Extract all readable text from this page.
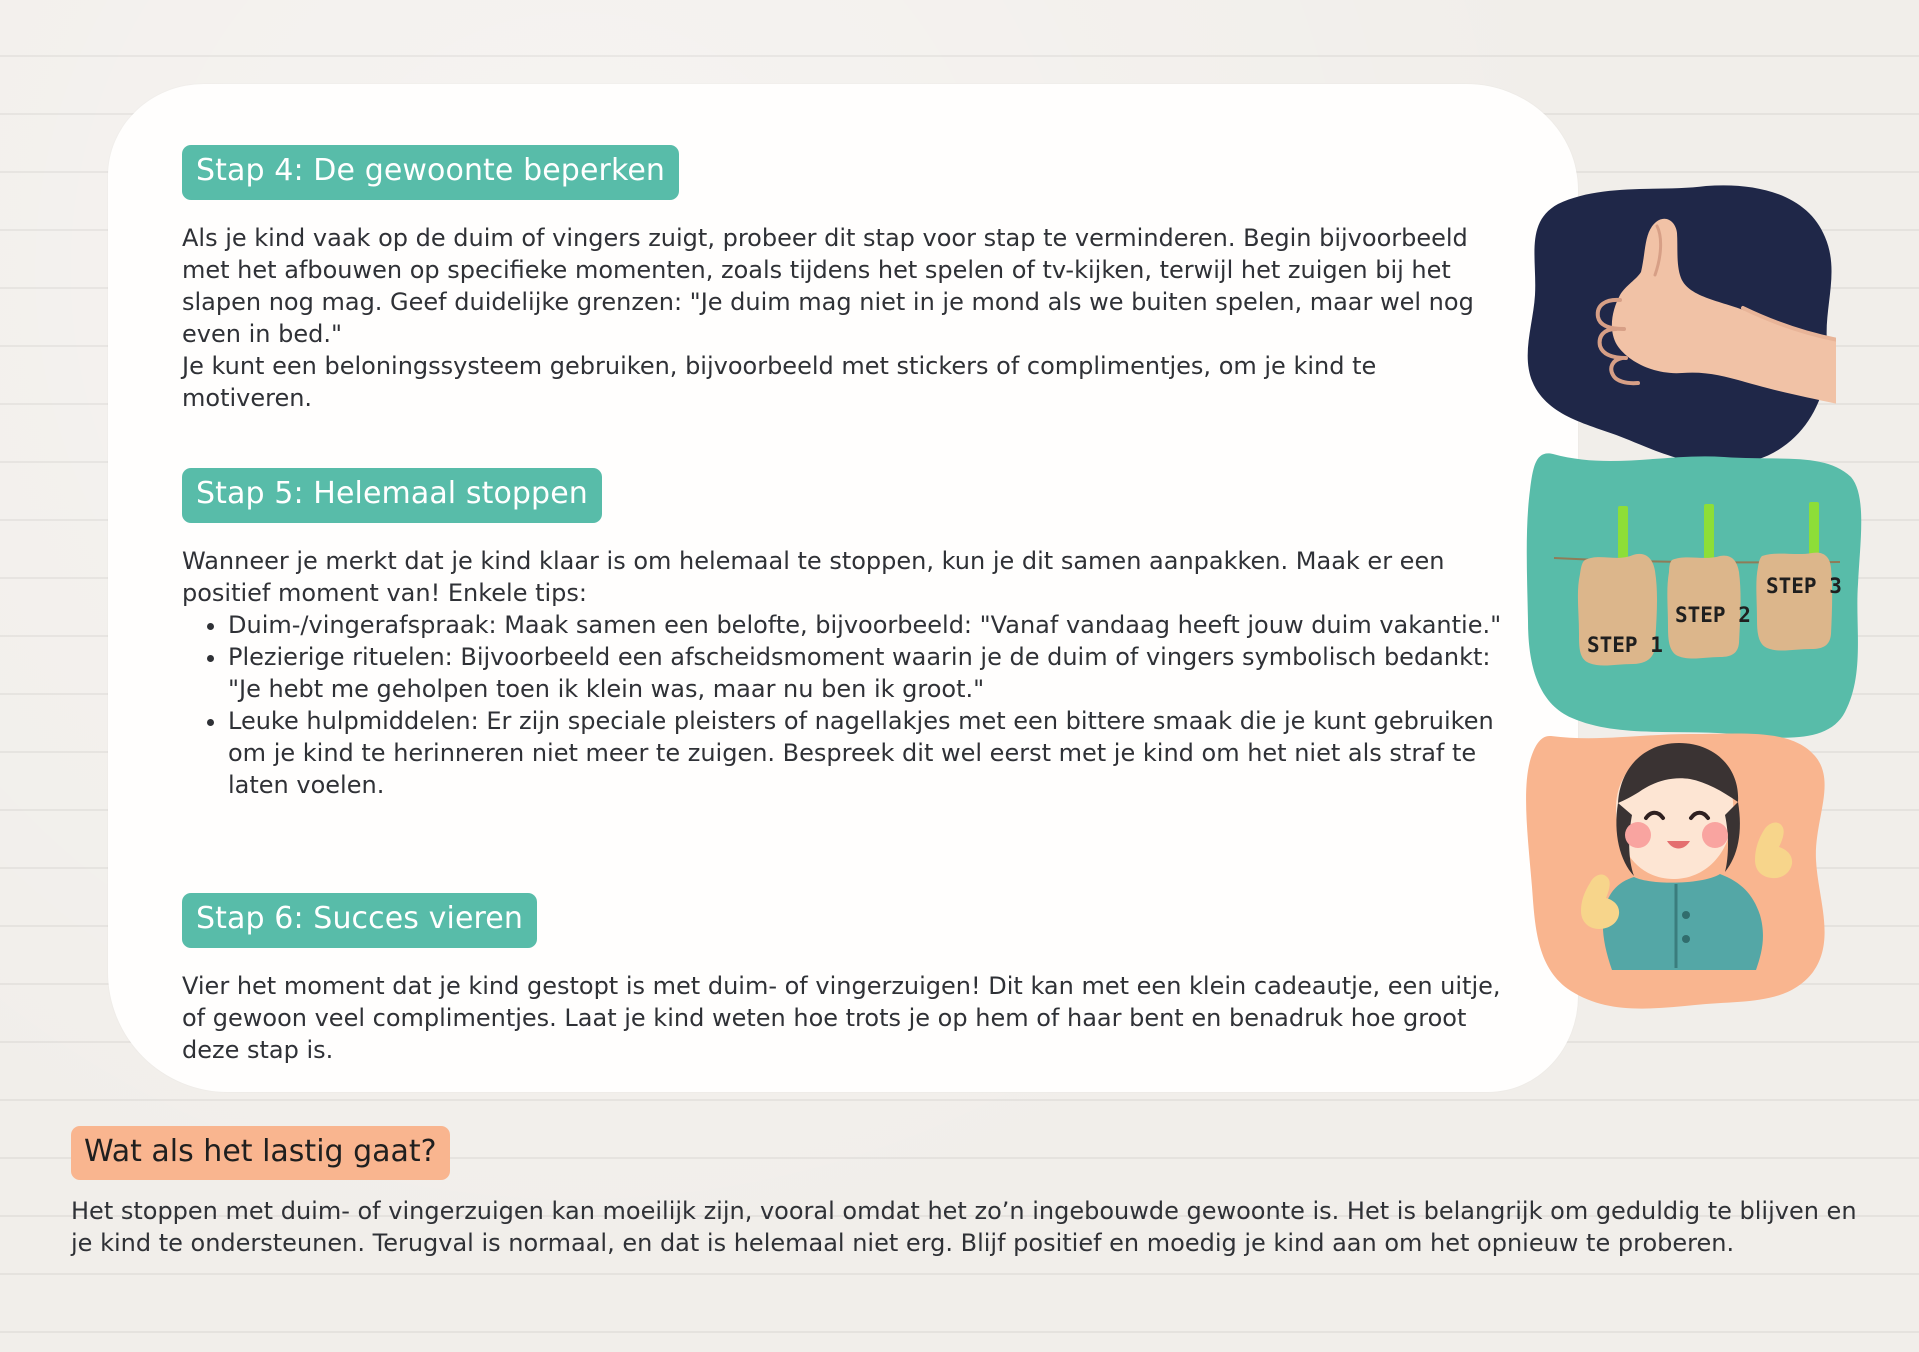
Stap 4: De gewoonte beperken

Als je kind vaak op de duim of vingers zuigt, probeer dit stap voor stap te verminderen. Begin bijvoorbeeld met het afbouwen op specifieke momenten, zoals tijdens het spelen of tv-kijken, terwijl het zuigen bij het slapen nog mag. Geef duidelijke grenzen: "Je duim mag niet in je mond als we buiten spelen, maar wel nog even in bed."

Je kunt een beloningssysteem gebruiken, bijvoorbeeld met stickers of complimentjes, om je kind te motiveren.

Stap 5: Helemaal stoppen

Wanneer je merkt dat je kind klaar is om helemaal te stoppen, kun je dit samen aanpakken. Maak er een positief moment van! Enkele tips:

• Duim-/vingerafspraak: Maak samen een belofte, bijvoorbeeld: "Vanaf vandaag heeft jouw duim vakantie."
• Plezierige rituelen: Bijvoorbeeld een afscheidsmoment waarin je de duim of vingers symbolisch bedankt: "Je hebt me geholpen toen ik klein was, maar nu ben ik groot."
• Leuke hulpmiddelen: Er zijn speciale pleisters of nagellakjes met een bittere smaak die je kunt gebruiken om je kind te herinneren niet meer te zuigen. Bespreek dit wel eerst met je kind om het niet als straf te laten voelen.
Stap 6: Succes vieren

Vier het moment dat je kind gestopt is met duim- of vingerzuigen! Dit kan met een klein cadeautje, een uitje, of gewoon veel complimentjes. Laat je kind weten hoe trots je op hem of haar bent en benadruk hoe groot deze stap is.

Wat als het lastig gaat?

Het stoppen met duim- of vingerzuigen kan moeilijk zijn, vooral omdat het zo’n ingebouwde gewoonte is. Het is belangrijk om geduldig te blijven en je kind te ondersteunen. Terugval is normaal, en dat is helemaal niet erg. Blijf positief en moedig je kind aan om het opnieuw te proberen.

STEP 1
STEP 2
STEP 3
